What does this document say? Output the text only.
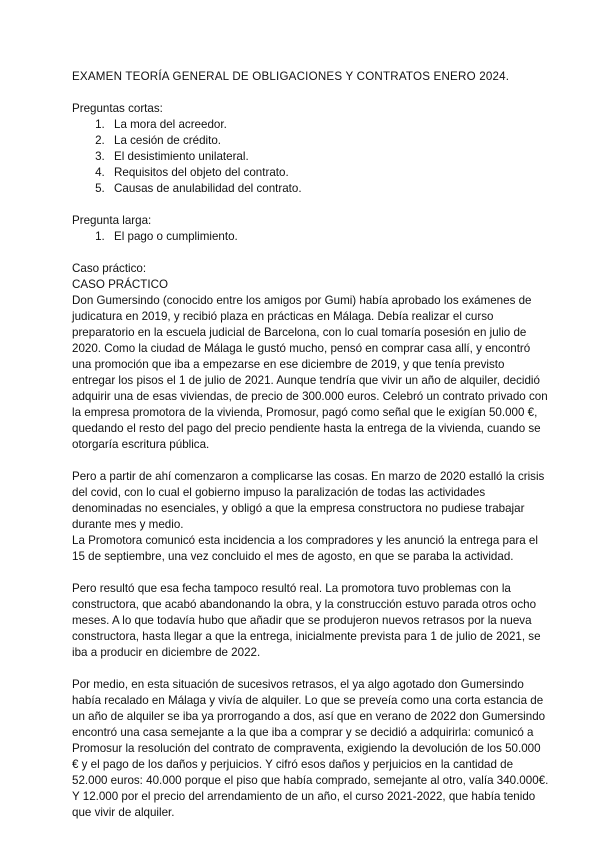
EXAMEN TEORÍA GENERAL DE OBLIGACIONES Y CONTRATOS ENERO 2024.

Preguntas cortas:

1. La mora del acreedor.
2. La cesión de crédito.
3. El desistimiento unilateral.
4. Requisitos del objeto del contrato.
5. Causas de anulabilidad del contrato.

Pregunta larga:

1. El pago o cumplimiento.

Caso práctico:

CASO PRÁCTICO

Don Gumersindo (conocido entre los amigos por Gumi) había aprobado los exámenes de judicatura en 2019, y recibió plaza en prácticas en Málaga. Debía realizar el curso preparatorio en la escuela judicial de Barcelona, con lo cual tomaría posesión en julio de 2020. Como la ciudad de Málaga le gustó mucho, pensó en comprar casa allí, y encontró una promoción que iba a empezarse en ese diciembre de 2019, y que tenía previsto entregar los pisos el 1 de julio de 2021. Aunque tendría que vivir un año de alquiler, decidió adquirir una de esas viviendas, de precio de 300.000 euros. Celebró un contrato privado con la empresa promotora de la vivienda, Promosur, pagó como señal que le exigían 50.000 €, quedando el resto del pago del precio pendiente hasta la entrega de la vivienda, cuando se otorgaría escritura pública.

Pero a partir de ahí comenzaron a complicarse las cosas. En marzo de 2020 estalló la crisis del covid, con lo cual el gobierno impuso la paralización de todas las actividades denominadas no esenciales, y obligó a que la empresa constructora no pudiese trabajar durante mes y medio.

La Promotora comunicó esta incidencia a los compradores y les anunció la entrega para el 15 de septiembre, una vez concluido el mes de agosto, en que se paraba la actividad.

Pero resultó que esa fecha tampoco resultó real. La promotora tuvo problemas con la constructora, que acabó abandonando la obra, y la construcción estuvo parada otros ocho meses. A lo que todavía hubo que añadir que se produjeron nuevos retrasos por la nueva constructora, hasta llegar a que la entrega, inicialmente prevista para 1 de julio de 2021, se iba a producir en diciembre de 2022.

Por medio, en esta situación de sucesivos retrasos, el ya algo agotado don Gumersindo había recalado en Málaga y vivía de alquiler. Lo que se preveía como una corta estancia de un año de alquiler se iba ya prorrogando a dos, así que en verano de 2022 don Gumersindo encontró una casa semejante a la que iba a comprar y se decidió a adquirirla: comunicó a Promosur la resolución del contrato de compraventa, exigiendo la devolución de los 50.000 € y el pago de los daños y perjuicios. Y cifró esos daños y perjuicios en la cantidad de 52.000 euros: 40.000 porque el piso que había comprado, semejante al otro, valía 340.000€. Y 12.000 por el precio del arrendamiento de un año, el curso 2021-2022, que había tenido que vivir de alquiler.
